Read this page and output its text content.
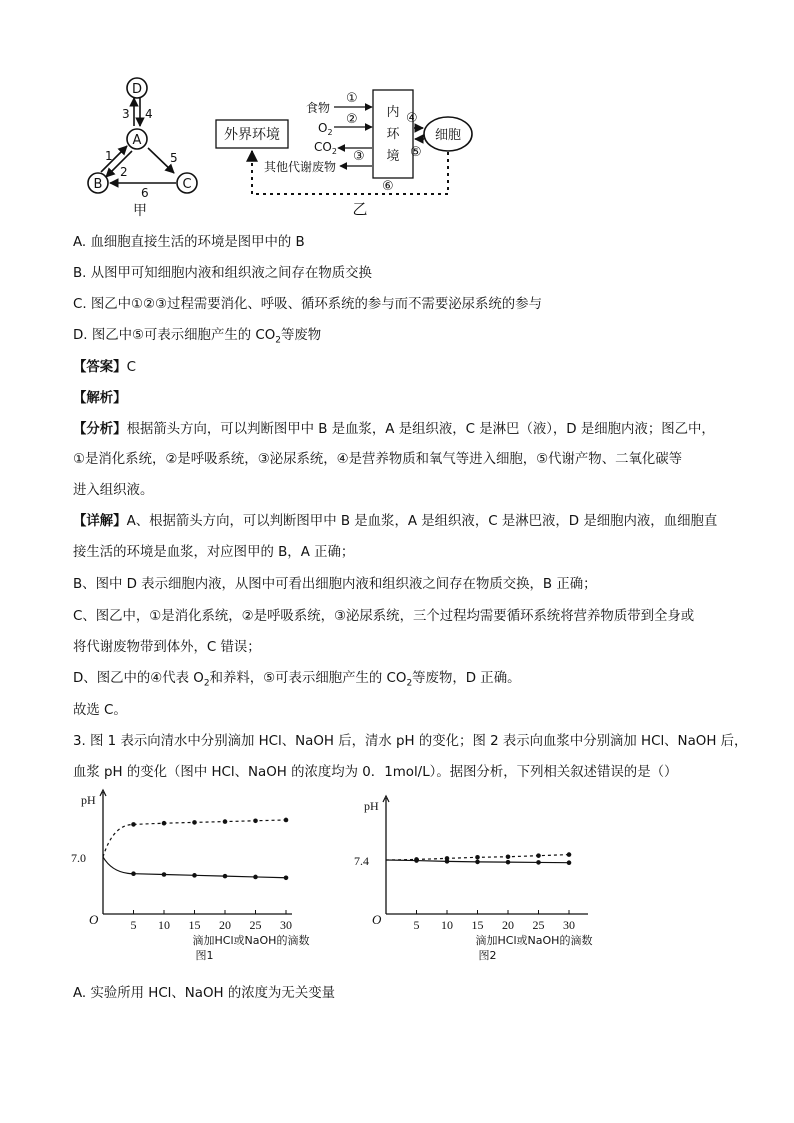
D
A
B	C
3 4
1
2
5
6
甲
外界环境
内
环
境
细胞
食物
①
$O_2$
②
$CO_2$ ③
其他代谢废物
④
⑤
⑥
乙
A. 血细胞直接生活的环境是图甲中的 B
B. 从图甲可知细胞内液和组织液之间存在物质交换
C. 图乙中①②③过程需要消化、呼吸、循环系统的参与而不需要泌尿系统的参与
D. 图乙中⑤可表示细胞产生的 $CO_2$等废物
【答案】C
【解析】
【分析】根据箭头方向，可以判断图甲中 B 是血浆，A 是组织液，C 是淋巴（液），D 是细胞内液；图乙中，
①是消化系统，②是呼吸系统，③泌尿系统，④是营养物质和氧气等进入细胞，⑤代谢产物、二氧化碳等
进入组织液。
【详解】A、根据箭头方向，可以判断图甲中 B 是血浆，A 是组织液，C 是淋巴液，D 是细胞内液，血细胞直
接生活的环境是血浆，对应图甲的 B，A 正确；
B、图中 D 表示细胞内液，从图中可看出细胞内液和组织液之间存在物质交换，B 正确；
C、图乙中，①是消化系统，②是呼吸系统，③泌尿系统，三个过程均需要循环系统将营养物质带到全身或
将代谢废物带到体外，C 错误；
D、图乙中的④代表 $O_2$和养料，⑤可表示细胞产生的 $CO_2$等废物，D 正确。
故选 C。
3. 图 1 表示向清水中分别滴加 HCl、NaOH 后，清水 pH 的变化；图 2 表示向血浆中分别滴加 HCl、NaOH 后，
血浆 pH 的变化（图中 HCl、NaOH 的浓度均为 0．1mol/L）。据图分析，下列相关叙述错误的是（）
pH
O
7.0
5 10 15 20 25 30
滴加HCl或NaOH的滴数
图1
pH
O
7.4
5 10 15 20 25 30
滴加HCl或NaOH的滴数
图2
A. 实验所用 HCl、NaOH 的浓度为无关变量
